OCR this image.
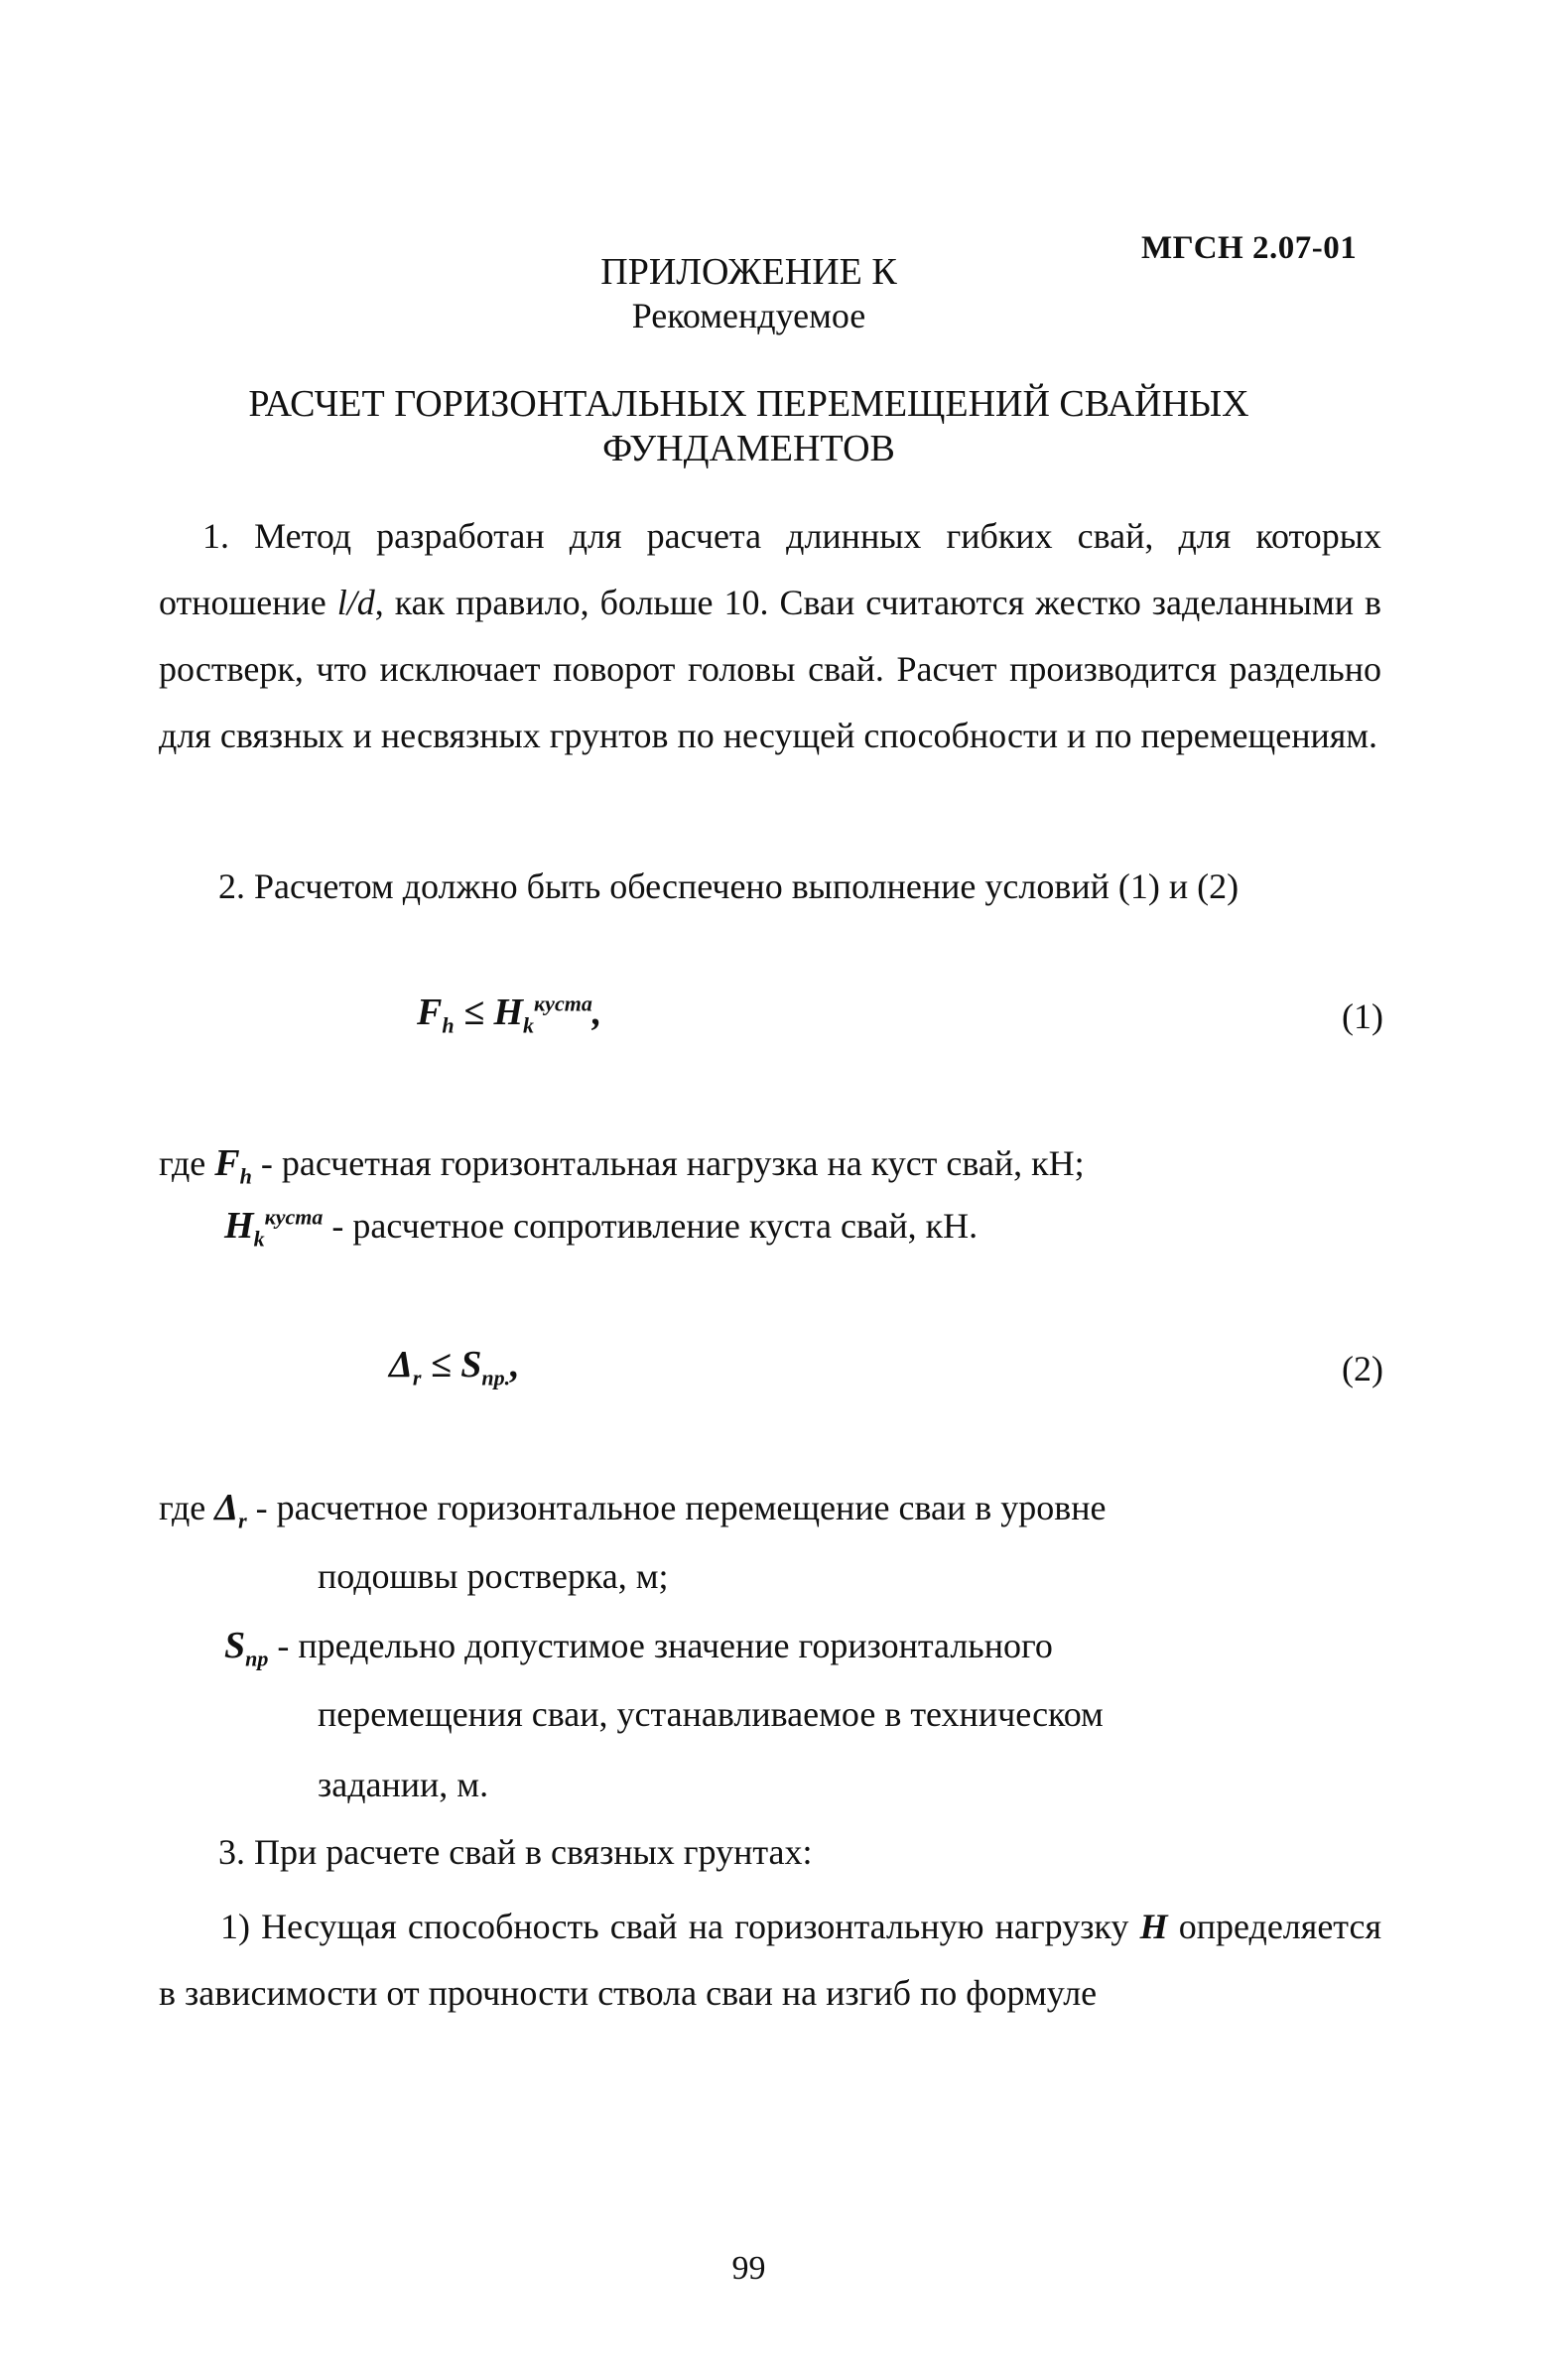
МГСН 2.07-01
ПРИЛОЖЕНИЕ К
Рекомендуемое
РАСЧЕТ ГОРИЗОНТАЛЬНЫХ ПЕРЕМЕЩЕНИЙ СВАЙНЫХ
ФУНДАМЕНТОВ
1. Метод разработан для расчета длинных гибких свай, для которых отношение l/d, как правило, больше 10. Сваи считаются жестко заделанными в ростверк, что исключает поворот головы свай. Расчет производится раздельно для связных и несвязных грунтов по несущей способности и по перемещениям.
2. Расчетом должно быть обеспечено выполнение условий (1) и (2)
$F_h \le H_k^{куста}$,	(1)
где $F_h$ - расчетная горизонтальная нагрузка на куст свай, кН;
$H_k^{куста}$ - расчетное сопротивление куста свай, кН.
$\Delta_r \le S_{пр.}$,	(2)
где $\Delta_r$ - расчетное горизонтальное перемещение сваи в уровне
подошвы ростверка, м;
$S_{пр}$ - предельно допустимое значение горизонтального
перемещения сваи, устанавливаемое в техническом
задании, м.
3. При расчете свай в связных грунтах:
1) Несущая способность свай на горизонтальную нагрузку H определяется в зависимости от прочности ствола сваи на изгиб по формуле
99
